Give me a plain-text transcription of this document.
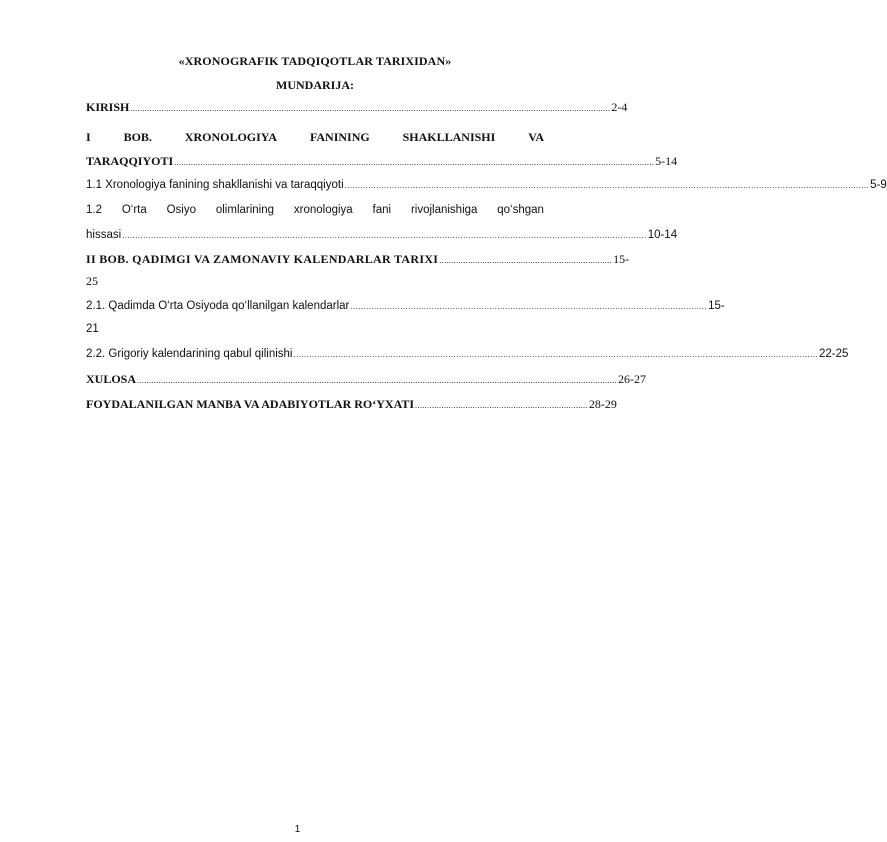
«XRONOGRAFIK TADQIQOTLAR TARIXIDAN»
MUNDARIJA:
KIRISH ........................................................................................................................................................................................................ 2-4
I	BOB.	XRONOLOGIYA	FANINING	SHAKLLANISHI	VA
TARAQQIYOTI ........................................................................................................................................................................................................ 5-14
1.1 Xronologiya fanining shakllanishi va taraqqiyoti ........................................................................................................................................................................................................ 5-9
1.2 O‘rta Osiyo olimlarining xronologiya fani rivojlanishiga qo‘shgan
hissasi ........................................................................................................................................................................................................ 10-14
II BOB. QADIMGI VA ZAMONAVIY KALENDARLAR TARIXI ........................................................................ 15-
25
2.1. Qadimda O‘rta Osiyoda qo‘llanilgan kalendarlar ........................................................................................................................................ 15-
21
2.2. Grigoriy kalendarining qabul qilinishi ........................................................................................................................................................................................................ 22-25
XULOSA ........................................................................................................................................................................................................ 26-27
FOYDALANILGAN MANBA VA ADABIYOTLAR RO‘YXATI ........................................................................ 28-29
1
